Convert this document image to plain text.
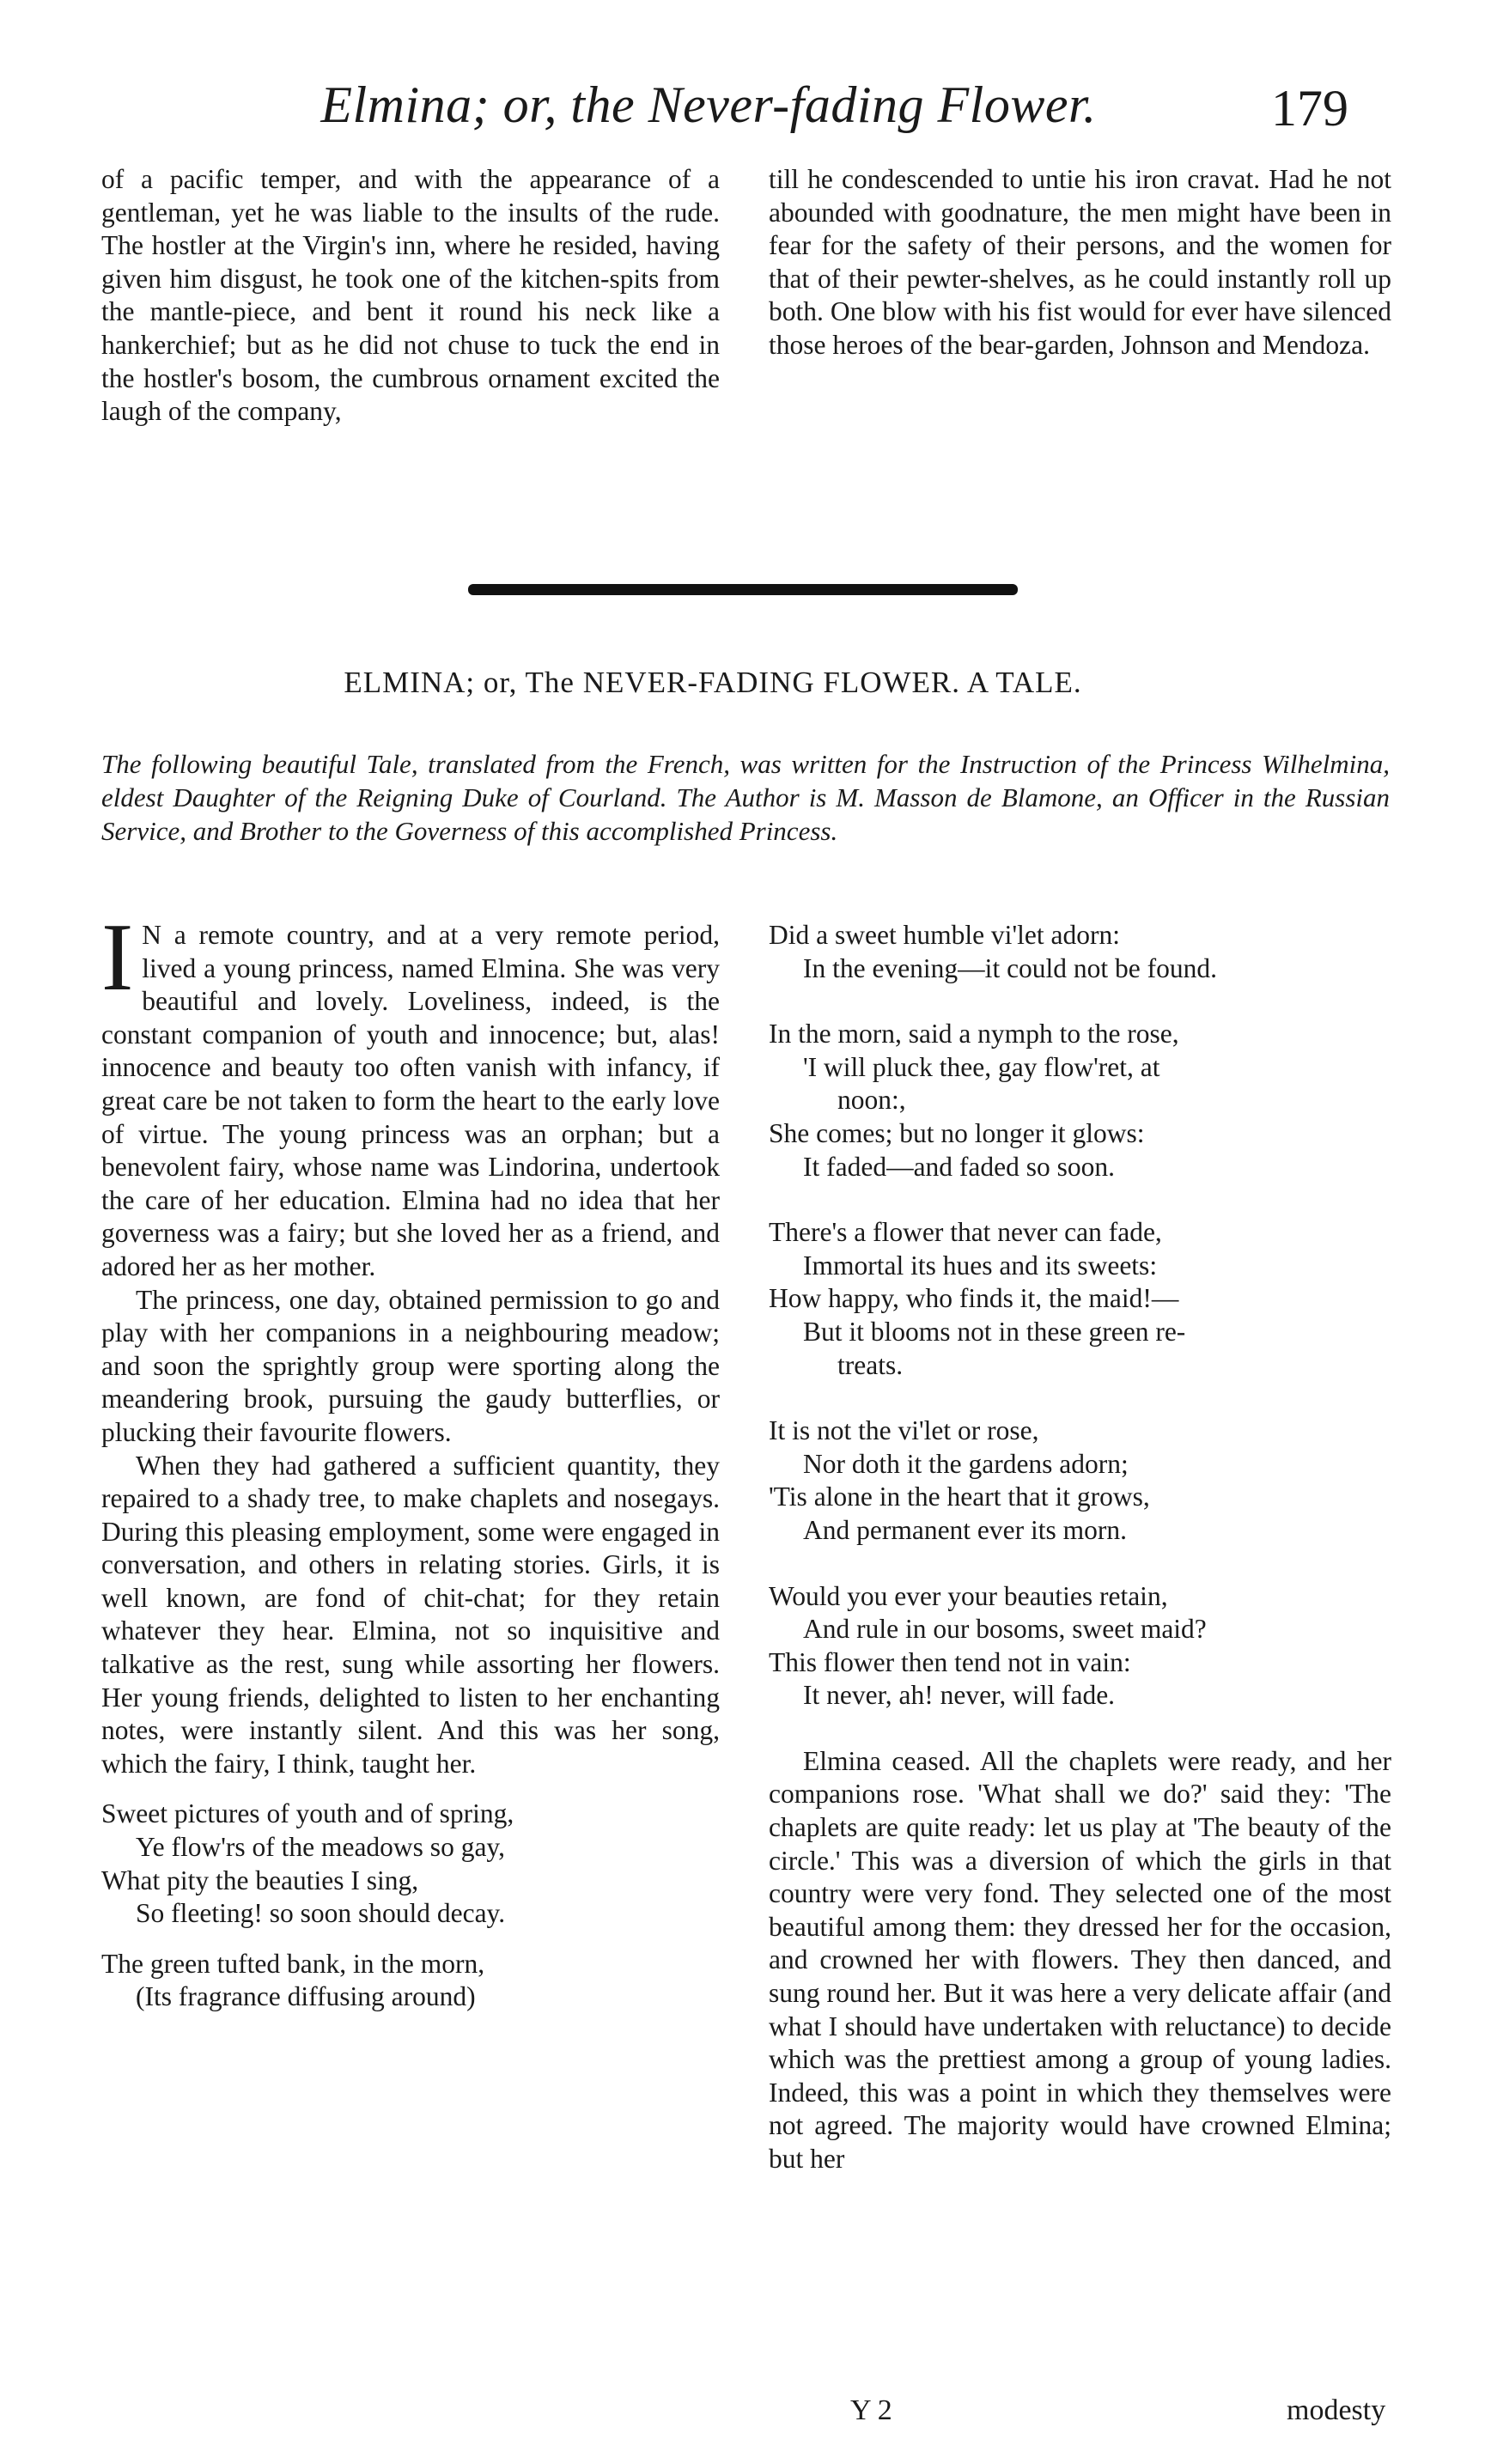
Elmina; or, the Never-fading Flower.	179

of a pacific temper, and with the appearance of a gentleman, yet he was liable to the insults of the rude. The hostler at the Virgin's inn, where he resided, having given him disgust, he took one of the kitchen-spits from the mantle-piece, and bent it round his neck like a hankerchief; but as he did not chuse to tuck the end in the hostler's bosom, the cumbrous ornament excited the laugh of the company,

till he condescended to untie his iron cravat. Had he not abounded with goodnature, the men might have been in fear for the safety of their persons, and the women for that of their pewter-shelves, as he could instantly roll up both. One blow with his fist would for ever have silenced those heroes of the bear-garden, Johnson and Mendoza.

ELMINA; or, The NEVER-FADING FLOWER. A TALE.
The following beautiful Tale, translated from the French, was written for the Instruction of the Princess Wilhelmina, eldest Daughter of the Reigning Duke of Courland. The Author is M. Masson de Blamone, an Officer in the Russian Service, and Brother to the Governess of this accomplished Princess.

I N a remote country, and at a very remote period, lived a young princess, named Elmina. She was very beautiful and lovely. Loveliness, indeed, is the constant companion of youth and innocence; but, alas! innocence and beauty too often vanish with infancy, if great care be not taken to form the heart to the early love of virtue. The young princess was an orphan; but a benevolent fairy, whose name was Lindorina, undertook the care of her education. Elmina had no idea that her governess was a fairy; but she loved her as a friend, and adored her as her mother.

The princess, one day, obtained permission to go and play with her companions in a neighbouring meadow; and soon the sprightly group were sporting along the meandering brook, pursuing the gaudy butterflies, or plucking their favourite flowers.

When they had gathered a sufficient quantity, they repaired to a shady tree, to make chaplets and nosegays. During this pleasing employment, some were engaged in conversation, and others in relating stories. Girls, it is well known, are fond of chit-chat; for they retain whatever they hear. Elmina, not so inquisitive and talkative as the rest, sung while assorting her flowers. Her young friends, delighted to listen to her enchanting notes, were instantly silent. And this was her song, which the fairy, I think, taught her.

Sweet pictures of youth and of spring,
Ye flow'rs of the meadows so gay,
What pity the beauties I sing,
So fleeting! so soon should decay.
The green tufted bank, in the morn,
(Its fragrance diffusing around)
Did a sweet humble vi'let adorn:
In the evening—it could not be found.
In the morn, said a nymph to the rose,
'I will pluck thee, gay flow'ret, at
noon:,
She comes; but no longer it glows:
It faded—and faded so soon.
There's a flower that never can fade,
Immortal its hues and its sweets:
How happy, who finds it, the maid!—
But it blooms not in these green re-
treats.
It is not the vi'let or rose,
Nor doth it the gardens adorn;
'Tis alone in the heart that it grows,
And permanent ever its morn.
Would you ever your beauties retain,
And rule in our bosoms, sweet maid?
This flower then tend not in vain:
It never, ah! never, will fade.

Elmina ceased. All the chaplets were ready, and her companions rose. 'What shall we do?' said they: 'The chaplets are quite ready: let us play at 'The beauty of the circle.' This was a diversion of which the girls in that country were very fond. They selected one of the most beautiful among them: they dressed her for the occasion, and crowned her with flowers. They then danced, and sung round her. But it was here a very delicate affair (and what I should have undertaken with reluctance) to decide which was the prettiest among a group of young ladies. Indeed, this was a point in which they themselves were not agreed. The majority would have crowned Elmina; but her

Y 2	modesty
